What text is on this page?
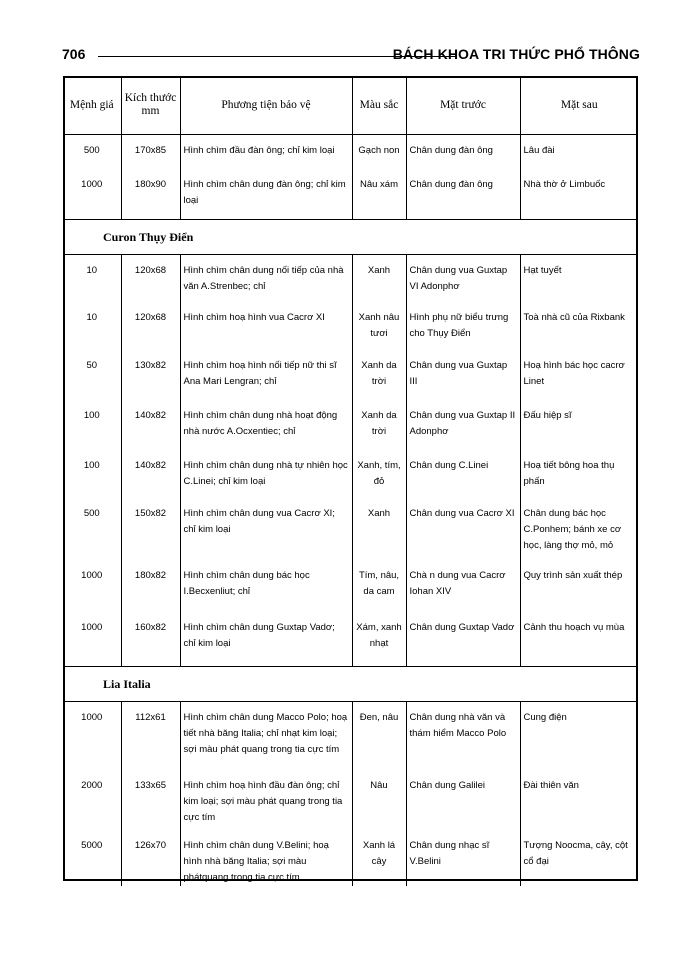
706	BÁCH KHOA TRI THỨC PHỔ THÔNG
Mệnh giá	Kích thước mm	Phương tiện bảo vệ	Màu sắc	Mặt trước	Mặt sau
500	170x85	Hình chìm đầu đàn ông; chỉ kim loại	Gạch non	Chân dung đàn ông	Lâu đài
1000	180x90	Hình chìm chân dung đàn ông; chỉ kim loại	Nâu xám	Chân dung đàn ông	Nhà thờ ở Limbuốc

Curon Thụy Điển					
10	120x68	Hình chìm chân dung nối tiếp của nhà văn A.Strenbec; chỉ	Xanh	Chân dung vua Guxtap VI Adonphơ	Hạt tuyết
10	120x68	Hình chìm hoạ hình vua Cacrơ XI	Xanh nâu tươi	Hình phụ nữ biểu trưng cho Thụy Điển	Toà nhà cũ của Rixbank
50	130x82	Hình chìm hoạ hình nối tiếp nữ thi sĩ Ana Mari Lengran; chỉ	Xanh da trời	Chân dung vua Guxtap III	Hoạ hình bác học cacrơ Linet
100	140x82	Hình chìm chân dung nhà hoạt động nhà nước A.Ocxentiec; chỉ	Xanh da trời	Chân dung vua Guxtap II Adonphơ	Đấu hiệp sĩ
100	140x82	Hình chìm chân dung nhà tự nhiên học C.Linei; chỉ kim loại	Xanh, tím, đỏ	Chân dung C.Linei	Hoạ tiết bông hoa thụ phấn
500	150x82	Hình chìm chân dung vua Cacrơ XI; chỉ kim loại	Xanh	Chân dung vua Cacrơ XI	Chân dung bác học C.Ponhem; bánh xe cơ học, làng thợ mỏ, mỏ
1000	180x82	Hình chìm chân dung bác học I.Becxenliut; chỉ	Tím, nâu, da cam	Chà n dung vua Cacrơ Iohan XIV	Quy trình sản xuất thép
1000	160x82	Hình chìm chân dung Guxtap Vadơ; chỉ kim loại	Xám, xanh nhạt	Chân dung Guxtap Vadơ	Cảnh thu hoạch vụ mùa

Lia Italia					
1000	112x61	Hình chìm chân dung Macco Polo; hoạ tiết nhà băng Italia; chỉ nhạt kim loại; sợi màu phát quang trong tia cực tím	Đen, nâu	Chân dung nhà văn và thám hiểm Macco Polo	Cung điện
2000	133x65	Hình chìm hoạ hình đầu đàn ông; chỉ kim loại; sợi màu phát quang trong tia cực tím	Nâu	Chân dung Galilei	Đài thiên văn
5000	126x70	Hình chìm chân dung V.Belini; hoạ hình nhà băng Italia; sợi màu phátquang trong tia cực tím	Xanh lá cây	Chân dung nhạc sĩ V.Belini	Tượng Noocma, cây, cột cổ đại
